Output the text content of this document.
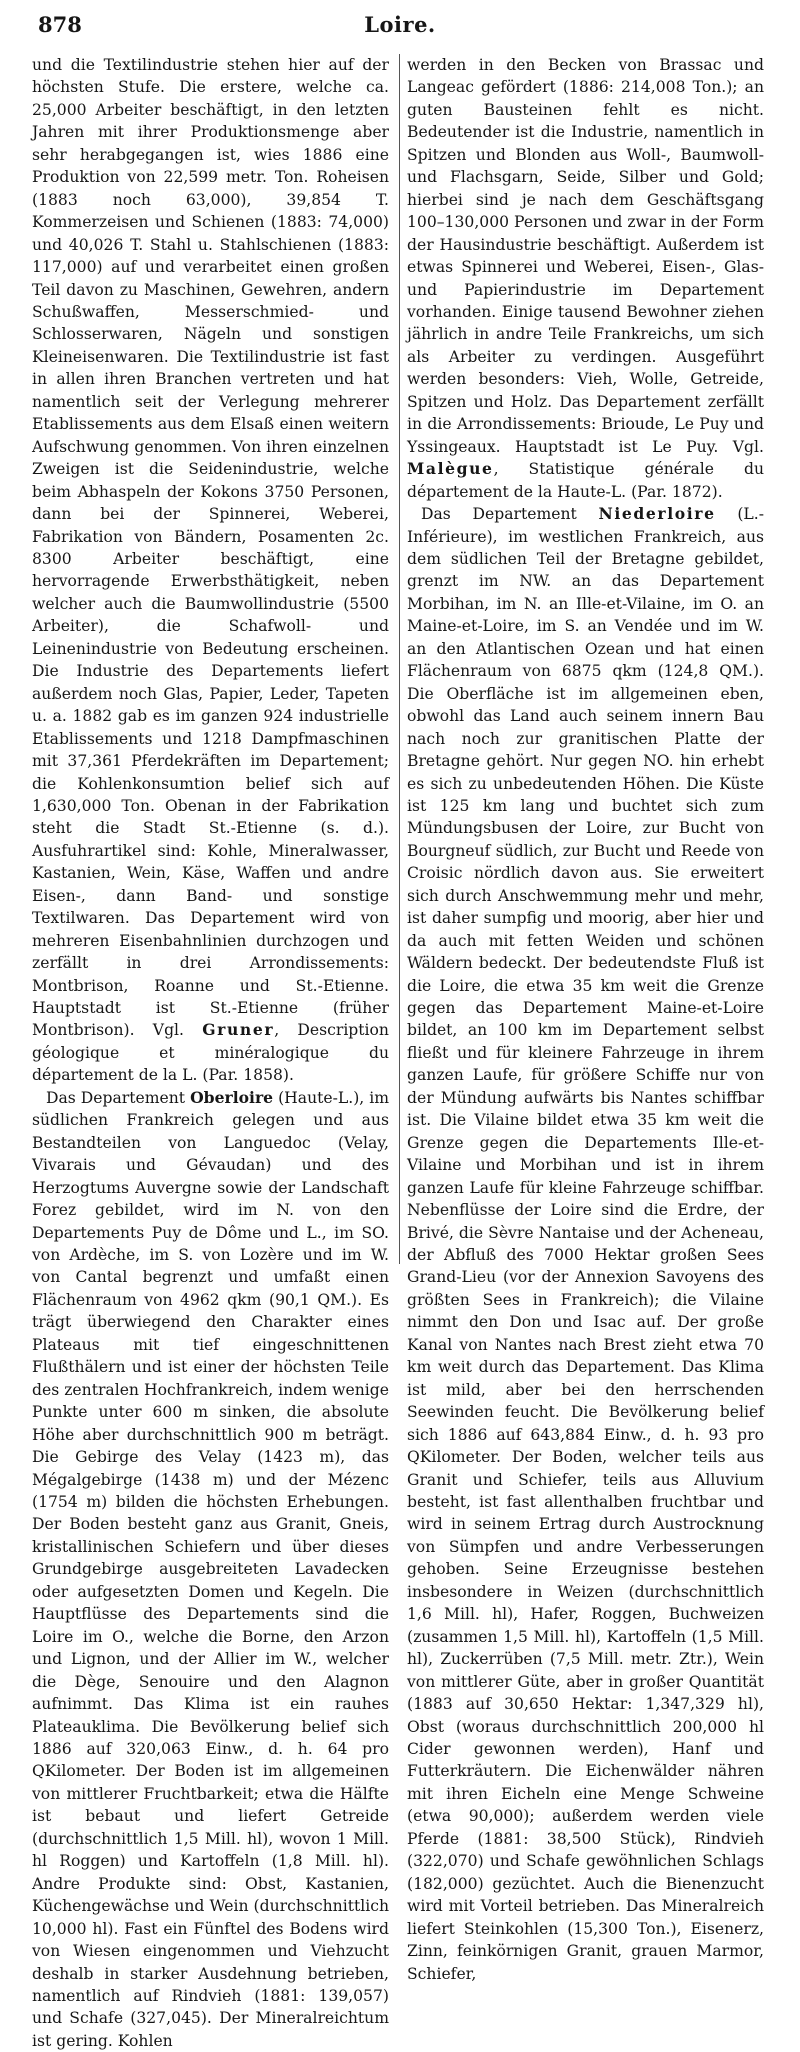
878	Loire.

und die Textilindustrie stehen hier auf der höchsten Stufe. Die erstere, welche ca. 25,000 Arbeiter beschäftigt, in den letzten Jahren mit ihrer Produktionsmenge aber sehr herabgegangen ist, wies 1886 eine Produktion von 22,599 metr. Ton. Roheisen (1883 noch 63,000), 39,854 T. Kommerzeisen und Schienen (1883: 74,000) und 40,026 T. Stahl u. Stahlschienen (1883: 117,000) auf und verarbeitet einen großen Teil davon zu Maschinen, Gewehren, andern Schußwaffen, Messerschmied- und Schlosserwaren, Nägeln und sonstigen Kleineisenwaren. Die Textilindustrie ist fast in allen ihren Branchen vertreten und hat namentlich seit der Verlegung mehrerer Etablissements aus dem Elsaß einen weitern Aufschwung genommen. Von ihren einzelnen Zweigen ist die Seidenindustrie, welche beim Abhaspeln der Kokons 3750 Personen, dann bei der Spinnerei, Weberei, Fabrikation von Bändern, Posamenten 2c. 8300 Arbeiter beschäftigt, eine hervorragende Erwerbsthätigkeit, neben welcher auch die Baumwollindustrie (5500 Arbeiter), die Schafwoll- und Leinenindustrie von Bedeutung erscheinen. Die Industrie des Departements liefert außerdem noch Glas, Papier, Leder, Tapeten u. a. 1882 gab es im ganzen 924 industrielle Etablissements und 1218 Dampfmaschinen mit 37,361 Pferdekräften im Departement; die Kohlenkonsumtion belief sich auf 1,630,000 Ton. Obenan in der Fabrikation steht die Stadt St.-Etienne (s. d.). Ausfuhrartikel sind: Kohle, Mineralwasser, Kastanien, Wein, Käse, Waffen und andre Eisen-, dann Band- und sonstige Textilwaren. Das Departement wird von mehreren Eisenbahnlinien durchzogen und zerfällt in drei Arrondissements: Montbrison, Roanne und St.-Etienne. Hauptstadt ist St.-Etienne (früher Montbrison). Vgl. Gruner, Description géologique et minéralogique du département de la L. (Par. 1858).

Das Departement Oberloire (Haute-L.), im südlichen Frankreich gelegen und aus Bestandteilen von Languedoc (Velay, Vivarais und Gévaudan) und des Herzogtums Auvergne sowie der Landschaft Forez gebildet, wird im N. von den Departements Puy de Dôme und L., im SO. von Ardèche, im S. von Lozère und im W. von Cantal begrenzt und umfaßt einen Flächenraum von 4962 qkm (90,1 QM.). Es trägt überwiegend den Charakter eines Plateaus mit tief eingeschnittenen Flußthälern und ist einer der höchsten Teile des zentralen Hochfrankreich, indem wenige Punkte unter 600 m sinken, die absolute Höhe aber durchschnittlich 900 m beträgt. Die Gebirge des Velay (1423 m), das Mégalgebirge (1438 m) und der Mézenc (1754 m) bilden die höchsten Erhebungen. Der Boden besteht ganz aus Granit, Gneis, kristallinischen Schiefern und über dieses Grundgebirge ausgebreiteten Lavadecken oder aufgesetzten Domen und Kegeln. Die Hauptflüsse des Departements sind die Loire im O., welche die Borne, den Arzon und Lignon, und der Allier im W., welcher die Dège, Senouire und den Alagnon aufnimmt. Das Klima ist ein rauhes Plateauklima. Die Bevölkerung belief sich 1886 auf 320,063 Einw., d. h. 64 pro QKilometer. Der Boden ist im allgemeinen von mittlerer Fruchtbarkeit; etwa die Hälfte ist bebaut und liefert Getreide (durchschnittlich 1,5 Mill. hl), wovon 1 Mill. hl Roggen) und Kartoffeln (1,8 Mill. hl). Andre Produkte sind: Obst, Kastanien, Küchengewächse und Wein (durchschnittlich 10,000 hl). Fast ein Fünftel des Bodens wird von Wiesen eingenommen und Viehzucht deshalb in starker Ausdehnung betrieben, namentlich auf Rindvieh (1881: 139,057) und Schafe (327,045). Der Mineralreichtum ist gering. Kohlen

werden in den Becken von Brassac und Langeac gefördert (1886: 214,008 Ton.); an guten Bausteinen fehlt es nicht. Bedeutender ist die Industrie, namentlich in Spitzen und Blonden aus Woll-, Baumwoll- und Flachsgarn, Seide, Silber und Gold; hierbei sind je nach dem Geschäftsgang 100–130,000 Personen und zwar in der Form der Hausindustrie beschäftigt. Außerdem ist etwas Spinnerei und Weberei, Eisen-, Glas- und Papierindustrie im Departement vorhanden. Einige tausend Bewohner ziehen jährlich in andre Teile Frankreichs, um sich als Arbeiter zu verdingen. Ausgeführt werden besonders: Vieh, Wolle, Getreide, Spitzen und Holz. Das Departement zerfällt in die Arrondissements: Brioude, Le Puy und Yssingeaux. Hauptstadt ist Le Puy. Vgl. Malègue, Statistique générale du département de la Haute-L. (Par. 1872).

Das Departement Niederloire (L.-Inférieure), im westlichen Frankreich, aus dem südlichen Teil der Bretagne gebildet, grenzt im NW. an das Departement Morbihan, im N. an Ille-et-Vilaine, im O. an Maine-et-Loire, im S. an Vendée und im W. an den Atlantischen Ozean und hat einen Flächenraum von 6875 qkm (124,8 QM.). Die Oberfläche ist im allgemeinen eben, obwohl das Land auch seinem innern Bau nach noch zur granitischen Platte der Bretagne gehört. Nur gegen NO. hin erhebt es sich zu unbedeutenden Höhen. Die Küste ist 125 km lang und buchtet sich zum Mündungsbusen der Loire, zur Bucht von Bourgneuf südlich, zur Bucht und Reede von Croisic nördlich davon aus. Sie erweitert sich durch Anschwemmung mehr und mehr, ist daher sumpfig und moorig, aber hier und da auch mit fetten Weiden und schönen Wäldern bedeckt. Der bedeutendste Fluß ist die Loire, die etwa 35 km weit die Grenze gegen das Departement Maine-et-Loire bildet, an 100 km im Departement selbst fließt und für kleinere Fahrzeuge in ihrem ganzen Laufe, für größere Schiffe nur von der Mündung aufwärts bis Nantes schiffbar ist. Die Vilaine bildet etwa 35 km weit die Grenze gegen die Departements Ille-et-Vilaine und Morbihan und ist in ihrem ganzen Laufe für kleine Fahrzeuge schiffbar. Nebenflüsse der Loire sind die Erdre, der Brivé, die Sèvre Nantaise und der Acheneau, der Abfluß des 7000 Hektar großen Sees Grand-Lieu (vor der Annexion Savoyens des größten Sees in Frankreich); die Vilaine nimmt den Don und Isac auf. Der große Kanal von Nantes nach Brest zieht etwa 70 km weit durch das Departement. Das Klima ist mild, aber bei den herrschenden Seewinden feucht. Die Bevölkerung belief sich 1886 auf 643,884 Einw., d. h. 93 pro QKilometer. Der Boden, welcher teils aus Granit und Schiefer, teils aus Alluvium besteht, ist fast allenthalben fruchtbar und wird in seinem Ertrag durch Austrocknung von Sümpfen und andre Verbesserungen gehoben. Seine Erzeugnisse bestehen insbesondere in Weizen (durchschnittlich 1,6 Mill. hl), Hafer, Roggen, Buchweizen (zusammen 1,5 Mill. hl), Kartoffeln (1,5 Mill. hl), Zuckerrüben (7,5 Mill. metr. Ztr.), Wein von mittlerer Güte, aber in großer Quantität (1883 auf 30,650 Hektar: 1,347,329 hl), Obst (woraus durchschnittlich 200,000 hl Cider gewonnen werden), Hanf und Futterkräutern. Die Eichenwälder nähren mit ihren Eicheln eine Menge Schweine (etwa 90,000); außerdem werden viele Pferde (1881: 38,500 Stück), Rindvieh (322,070) und Schafe gewöhnlichen Schlags (182,000) gezüchtet. Auch die Bienenzucht wird mit Vorteil betrieben. Das Mineralreich liefert Steinkohlen (15,300 Ton.), Eisenerz, Zinn, feinkörnigen Granit, grauen Marmor, Schiefer,
